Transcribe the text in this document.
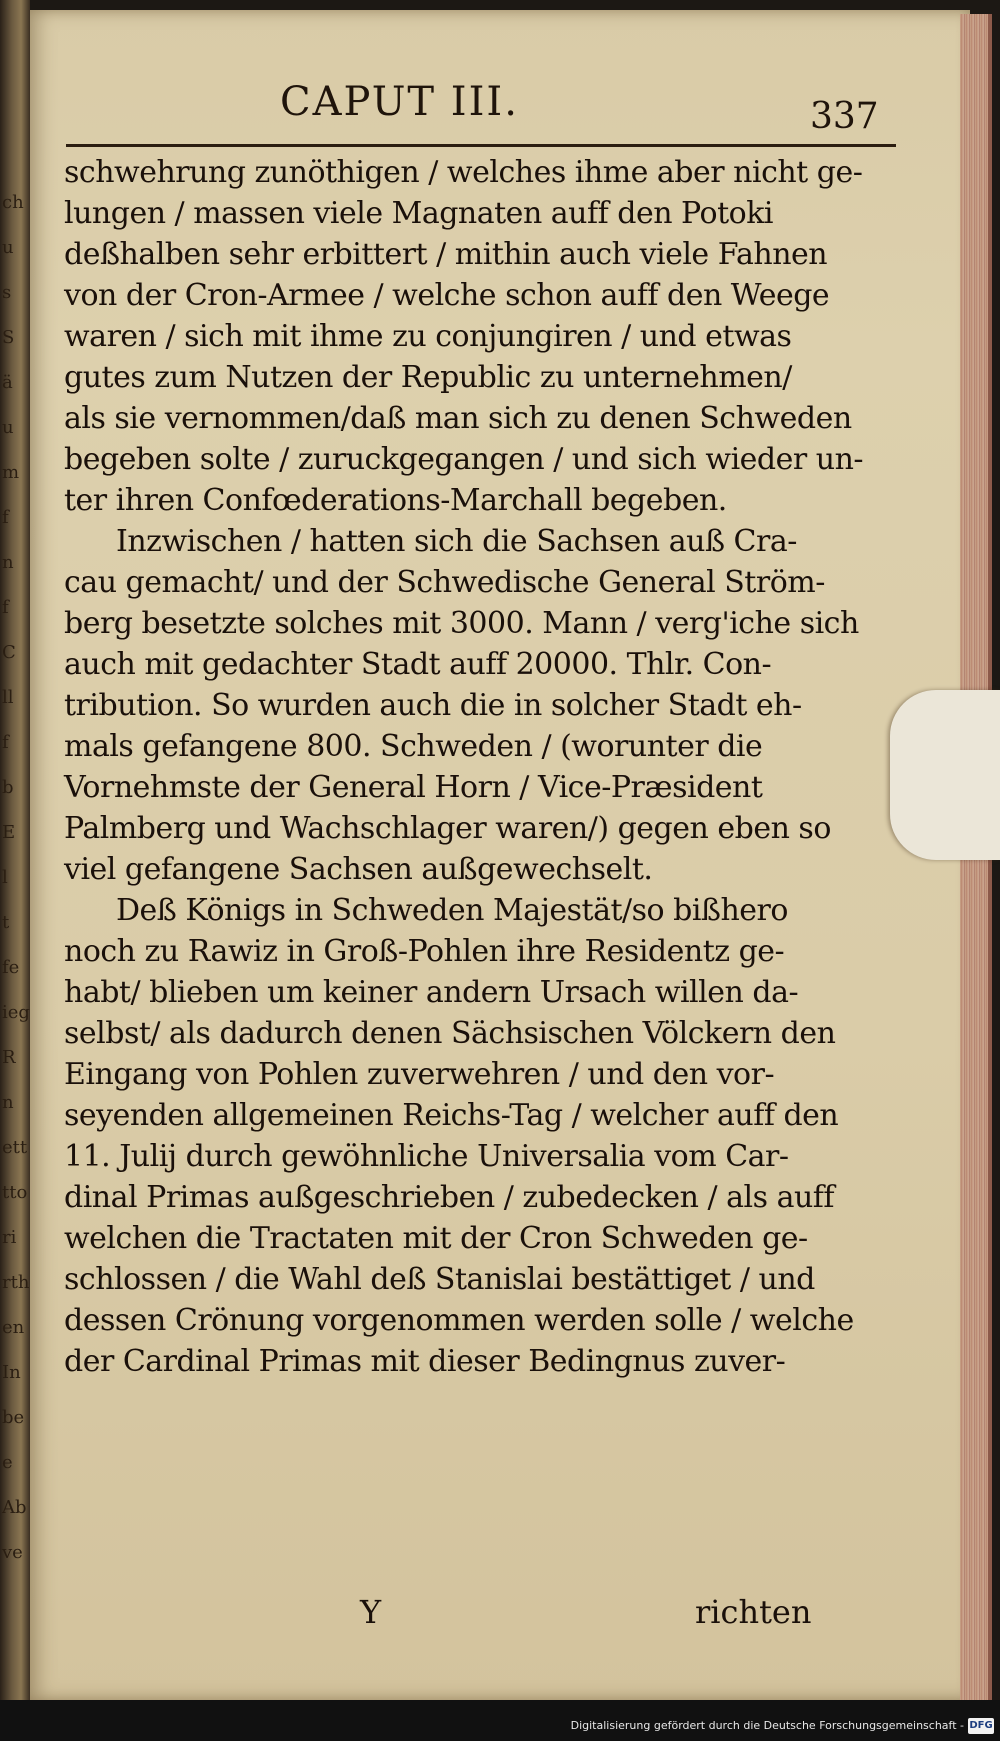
ch
u
s
S
ä
u
m
f
n
f
C
ll
f
b
E
l
t
fe
ieg
R
n
ett
tto
ri
rth
en
In
be
e
Ab
ve
CAPUT III.	337
schwehrung zunöthigen / welches ihme aber nicht ge-
lungen / massen viele Magnaten auff den Potoki
deßhalben sehr erbittert / mithin auch viele Fahnen
von der Cron-Armee / welche schon auff den Weege
waren / sich mit ihme zu conjungiren / und etwas
gutes zum Nutzen der Republic zu unternehmen/
als sie vernommen/daß man sich zu denen Schweden
begeben solte / zuruckgegangen / und sich wieder un-
ter ihren Confœderations-Marchall begeben.
Inzwischen / hatten sich die Sachsen auß Cra-
cau gemacht/ und der Schwedische General Ström-
berg besetzte solches mit 3000. Mann / verg'iche sich
auch mit gedachter Stadt auff 20000. Thlr. Con-
tribution. So wurden auch die in solcher Stadt eh-
mals gefangene 800. Schweden / (worunter die
Vornehmste der General Horn / Vice-Præsident
Palmberg und Wachschlager waren/) gegen eben so
viel gefangene Sachsen außgewechselt.
Deß Königs in Schweden Majestät/so bißhero
noch zu Rawiz in Groß-Pohlen ihre Residentz ge-
habt/ blieben um keiner andern Ursach willen da-
selbst/ als dadurch denen Sächsischen Völckern den
Eingang von Pohlen zuverwehren / und den vor-
seyenden allgemeinen Reichs-Tag / welcher auff den
11. Julij durch gewöhnliche Universalia vom Car-
dinal Primas außgeschrieben / zubedecken / als auff
welchen die Tractaten mit der Cron Schweden ge-
schlossen / die Wahl deß Stanislai bestättiget / und
dessen Crönung vorgenommen werden solle / welche
der Cardinal Primas mit dieser Bedingnus zuver-
Y	richten
Digitalisierung gefördert durch die Deutsche Forschungsgemeinschaft - DFG
